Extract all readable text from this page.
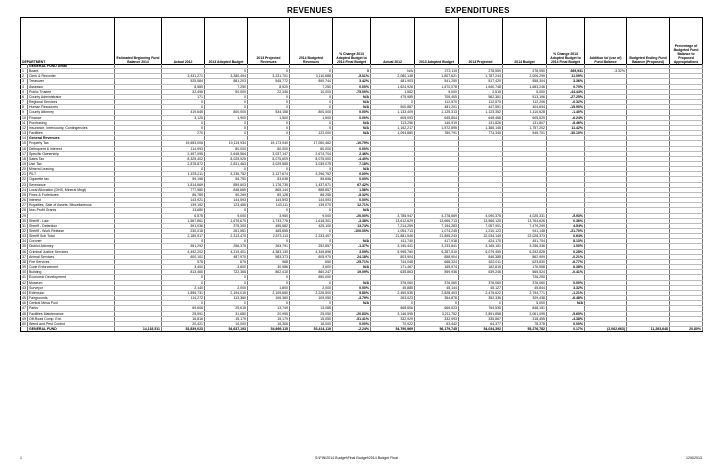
REVENUES	EXPENDITURES
DEPARTMENT	Estimated Beginning Fund Balance 2014	Actual 2012	2013 Adopted Budget	2013 Projected Revenues	2014 Budgeted Revenues	% Change 2013 Adopted Budget to 2014 Final Budget	Actual 2012	2013 Adopted Budget	2013 Projected	2014 Budget	% Change 2013 Adopted Budget to 2014 Final Budget	Addition to/ (use of) Fund Balance	Budgeted Ending Fund Balance (Proposed)	Percentage of Budgeted Fund Balance to Proposed Appropriations
	GENERAL FUND Detail														
1	Board			0	0	0	0	N/A	272,119	278,559	278,950	269,931	-3.32%		
2	Clerk & Recorder		3,431,271	3,280,494	3,231,701	3,110,688	-5.01%	2,080,148	1,807,621	1,787,244	2,006,299	11.09%			
3	Treasurer		525,584	881,203	545,772	890,744	3.42%	481,903	541,250	517,420	558,304	3.36%			
4	Assessor		8,580	7,250	8,920	7,250	0.00%	1,624,926	1,670,078	1,640,748	1,683,246	0.79%			
5	Public Trustee		32,496	50,000	22,346	10,000	-75.00%	1,582	9,000	2,515	5,000	-44.44%			
6	County Administrator		171	0	0	0	N/A	475,985	705,405	562,361	513,196	-27.25%			
7	Regional Services		0	0	0	0	N/A	0	112,570	112,570	112,206	-0.32%			
8	Human Resources		0	0	0	0	N/A	500,887	481,201	447,551	404,694	-15.90%			
9	County Attorney		419,645	800,000	534,158	800,000	0.00%	1,133,409	1,125,313	1,123,352	1,110,628	-1.40%			
10	Finance		3,120	1,900	1,500	1,500	0.00%	605,093	645,804	645,466	605,529	-6.24%			
11	Purchasing		0	0	0	0	N/A	113,296	140,919	131,826	131,807	-6.46%			
12	Insurance, Intercounty, Contingencies		0	0	0	0	N/A	1,152,217	1,572,895	1,365,145	1,757,202	11.42%			
13	Facilities		270	0	0	122,000	N/A	1,094,880	780,791	774,345	545,701	-30.10%			
14	General Revenues														
15	Property Tax		19,653,006	19,119,934	19,173,940	17,050,462	-10.79%								
16	Delinquent & Interest		114,993	80,000	80,000	80,000	0.00%								
17	Specific Ownership		2,457,095	2,648,564	3,037,147	2,674,704	2.46%								
18	Sales Tax		8,325,402	8,025,925	8,075,609	8,075,000	-4.40%								
19	Use Tax		2,878,872	2,831,463	3,029,585	3,039,075	7.18%								
20	Mineral Leasing		0	0	0	0	N/A								
21	PILT		1,578,211	3,236,752	3,127,674	3,296,752	0.00%								
22	Cigarette tax		59,196	56,750	53,638	55,696	0.00%								
23	Severance		1,814,669	859,603	1,176,735	1,437,671	67.42%								
24	Local Allocation (DHS, Mineral Mngt)		777,980	848,665	865,144	858,857	1.56%								
25	Fines & Forfeitures		86,789	90,269	89,128	88,255	-5.32%								
26	Interest		143,921	144,593	144,593	144,593	0.00%								
27	Royalties, Sale of Assets, Miscellaneous		139,192	123,465	143,111	139,070	12.71%								
28	Non-Profit Grants		13,680	0	0	0	N/A								
29			6,575	9,000	3,950	9,000	-20.00%	3,785,947	4,278,669	4,090,375	4,025,331	-5.93%			
30	Sheriff - Law		1,567,861	1,676,670	1,733,776	1,618,301	-3.38%	13,612,629	13,666,713	13,566,125	13,764,626	0.36%			
31	Sheriff - Detention		391,036	375,300	455,582	425,100	13.74%	7,214,259	7,154,283	7,057,901	7,479,299	4.54%			
32	Sheriff - Work Release		230,018	261,581	465,655	0	-100.00%	1,054,713	1,074,245	1,210,123	941,148	-21.70%			
33	Sheriff Sub Total		2,189,917	2,313,470	2,573,113	2,233,407		21,881,546	21,895,243	22,034,149	22,026,373	0.64%			
34	Coroner		0	0	0	0	N/A	411,740	417,918	424,170	451,704	8.13%			
35	District Attorney		351,292	256,375	263,791	252,857	-1.37%	3,190,441	3,233,841	3,165,151	3,256,336	1.00%			
36	Criminal Justice Services		4,492,202	4,219,401	4,383,130	4,349,896	3.09%	5,995,760	6,287,510	6,079,459	6,292,828	0.28%			
37	Animal Services		600,101	487,970	583,373	605,970	24.18%	803,904	858,904	846,385	862,909	-0.21%			
38	Fire Services		575	875	968	650	-25.71%	744,048	668,324	622,011	623,830	-6.77%			
39	Code Enforcement		3,400	3,600	30,986	3,600	N/A	171,467	165,974	162,815	176,558	6.38%			
40	Building		813,460	722,365	862,415	860,247	19.09%	635,863	559,936	639,246	565,524	-0.41%			
41	Economic Development		0	0	0	650,000					726,250				
42	Museum		0	0	0	0	N/A	376,060	376,060	376,060	376,060	0.00%			
43	Surveyor		2,140	2,000	1,800	2,000	0.00%	45,885	45,144	45,127	45,844	3.32%			
44	Extension		1,895,731	2,194,015	2,105,660	2,226,500	5.80%	2,450,535	2,828,403	2,475,622	2,794,771	-1.21%			
45	Fairgrounds		114,272	113,360	106,360	109,050	-3.79%	263,023	354,878	352,336	329,438	-6.48%			
46	Central Mesa Pool		0	0	0	0	N/A	0	0	0	5,000	N/A			
47	Parks		69,606	25,615	13,749	13,085		668,606	666,523	764,535	848,151				
48	Facilities Maintenance		25,591	31,680	20,955	25,050	-20.83%	3,146,595	3,211,752	2,891,858	3,061,095	-5.60%			
49	Off-Road Comp. Ent.		16,816	15,179	15,179	15,050	-51.41%	332,929	332,993	335,867	318,455	-4.38%			
50	Weed and Pest Control		20,421	10,000	16,306	16,000	0.00%	70,922	63,442	64,377	78,378	0.00%			
	GENERAL FUND	14,118,511	53,839,023	54,637,193	54,669,115	53,414,119	-2.24%	54,790,969	56,179,745	54,034,392	55,276,782	0.17%	(2,062,663)	11,263,648	20.80%
1	S:\FIN\2014 Budget\Final Budget\2014 Budget Final	12/6/2013
